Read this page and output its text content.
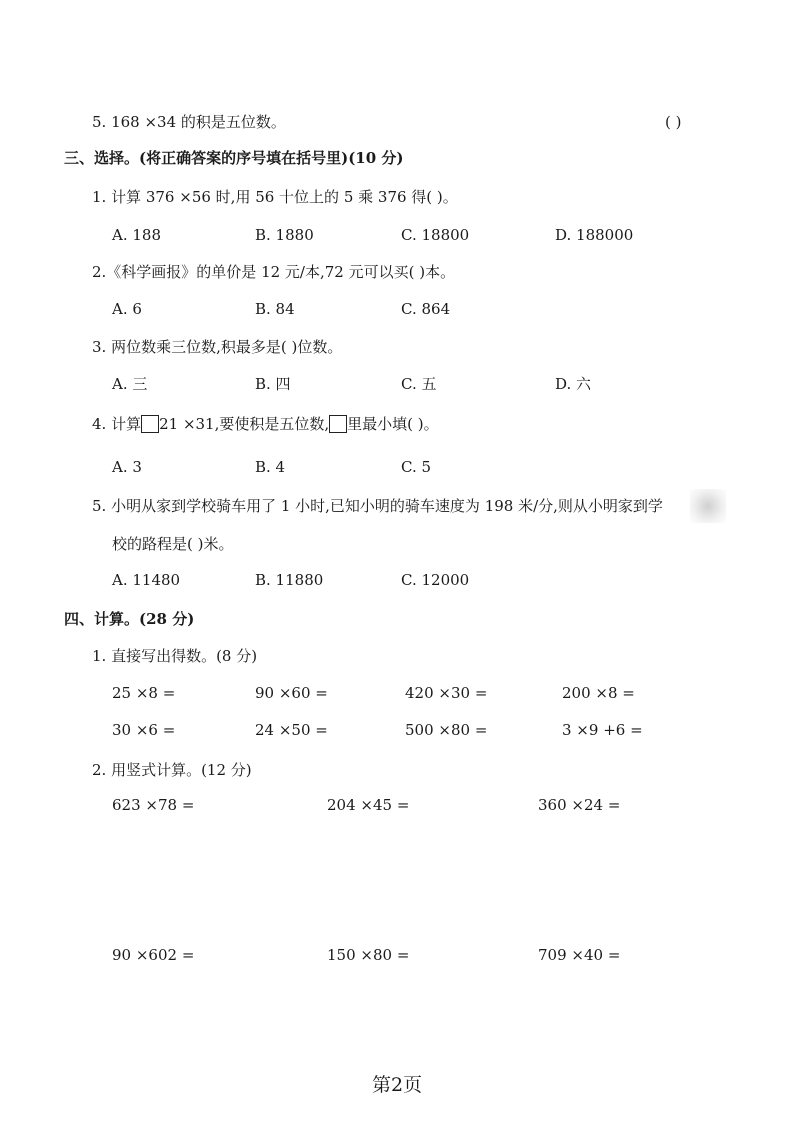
5. 168 ×34 的积是五位数。	( )
三、选择。(将正确答案的序号填在括号里)(10 分)
1. 计算 376 ×56 时,用 56 十位上的 5 乘 376 得( )。
A. 188	B. 1880	C. 18800	D. 188000
2.《科学画报》的单价是 12 元/本,72 元可以买( )本。
A. 6	B. 84	C. 864
3. 两位数乘三位数,积最多是( )位数。
A. 三	B. 四	C. 五	D. 六
4. 计算 21 ×31,要使积是五位数, 里最小填( )。
A. 3	B. 4	C. 5
5. 小明从家到学校骑车用了 1 小时,已知小明的骑车速度为 198 米/分,则从小明家到学
校的路程是( )米。
A. 11480	B. 11880	C. 12000
四、计算。(28 分)
1. 直接写出得数。(8 分)
25 ×8 =	90 ×60 =	420 ×30 =	200 ×8 =
30 ×6 =	24 ×50 =	500 ×80 =	3 ×9 +6 =
2. 用竖式计算。(12 分)
623 ×78 =	204 ×45 =	360 ×24 =
90 ×602 =	150 ×80 =	709 ×40 =
第2页
